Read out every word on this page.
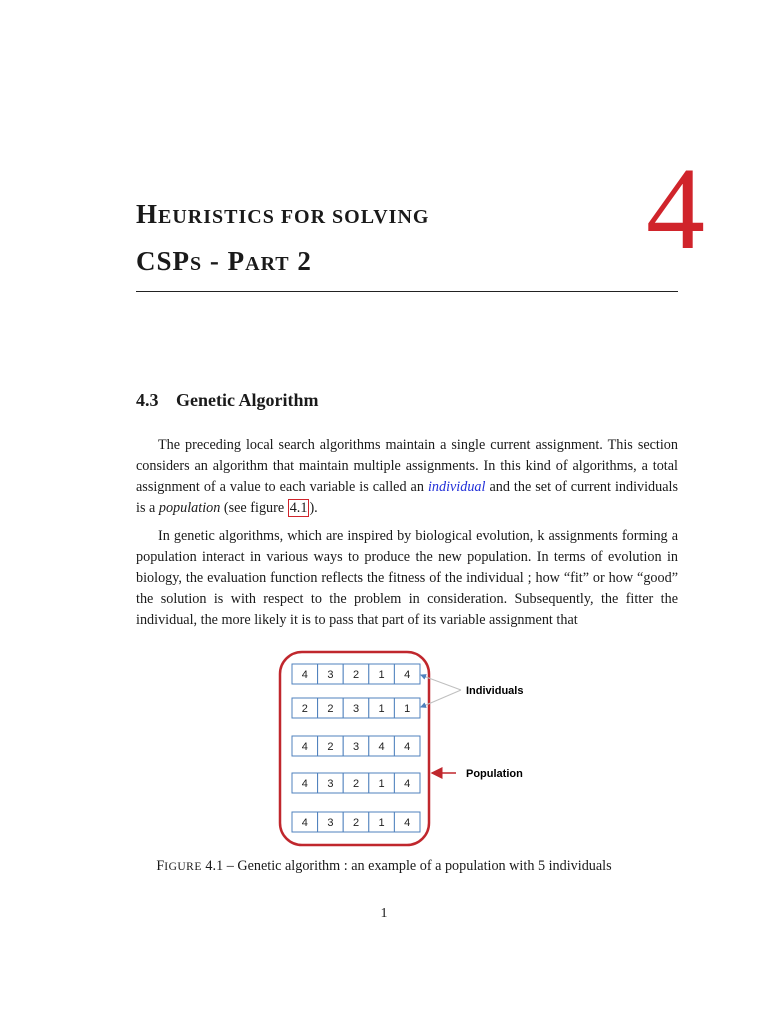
HEURISTICS FOR SOLVING
CSPS - PART 2	4
4.3 Genetic Algorithm

The preceding local search algorithms maintain a single current assignment. This section considers an algorithm that maintain multiple assignments. In this kind of algorithms, a total assignment of a value to each variable is called an individual and the set of current individuals is a population (see figure 4.1 ).

In genetic algorithms, which are inspired by biological evolution, k assignments forming a population interact in various ways to produce the new population. In terms of evolution in biology, the evaluation function reflects the fitness of the individual ; how “fit” or how “good” the solution is with respect to the problem in consideration. Subsequently, the fitter the individual, the more likely it is to pass that part of its variable assignment that

4 3 2 1 4
2 2 3 1 1
4 2 3 4 4
4 3 2 1 4
4 3 2 1 4
Individuals
Population
FIGURE 4.1 – Genetic algorithm : an example of a population with 5 individuals
1
